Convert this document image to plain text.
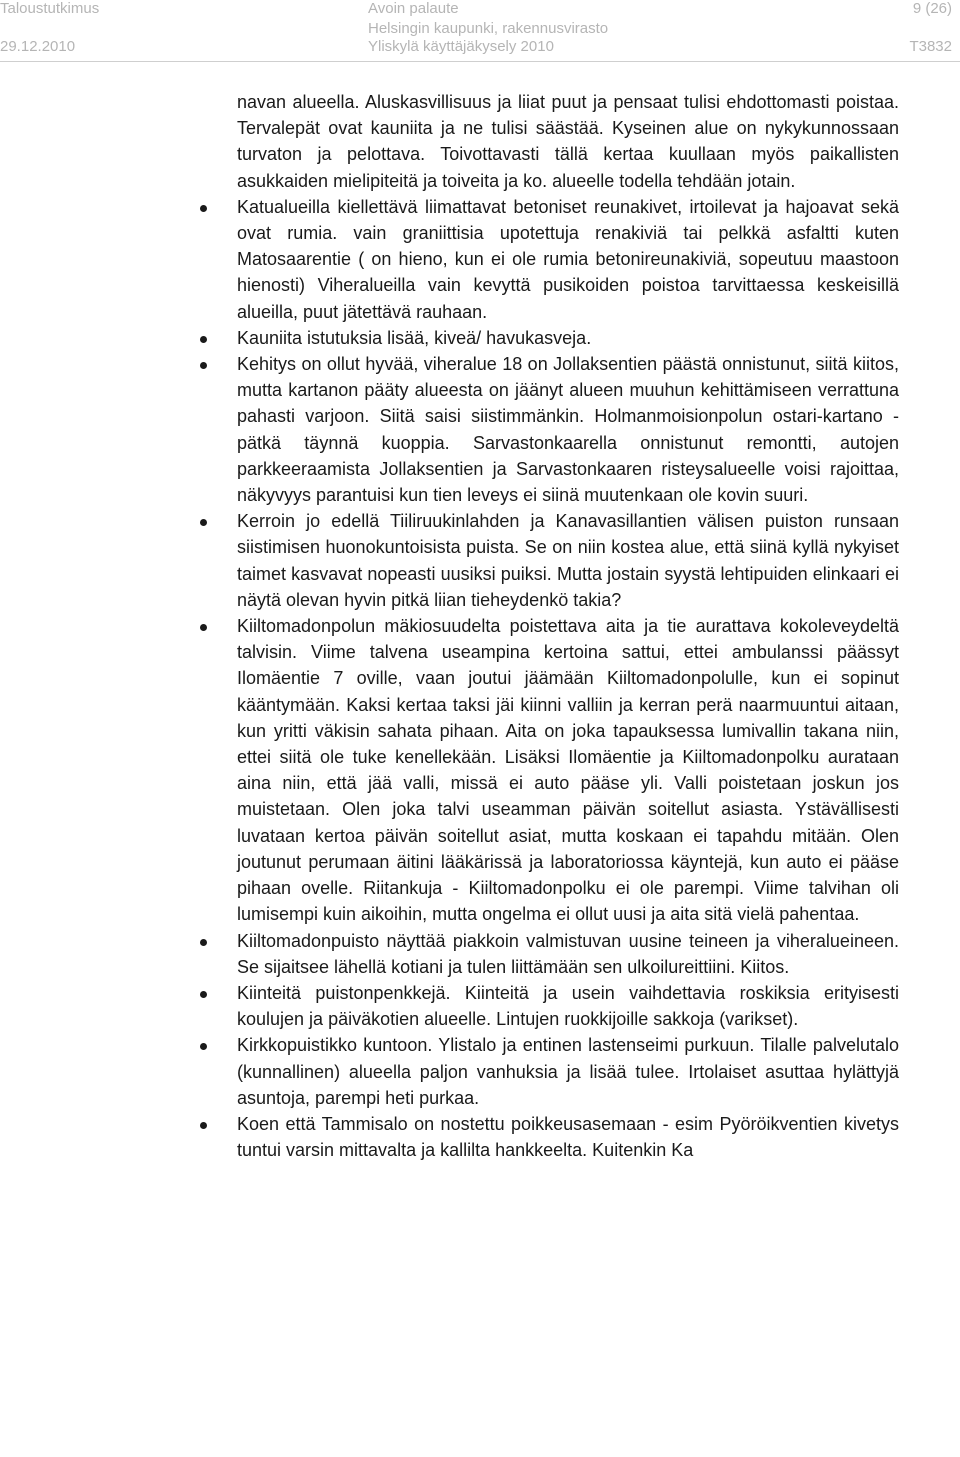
Taloustutkimus	Avoin palaute	9 (26)
Helsingin kaupunki, rakennusvirasto
29.12.2010	Yliskylä käyttäjäkysely 2010	T3832

navan alueella. Aluskasvillisuus ja liiat puut ja pensaat tulisi ehdottomasti poistaa. Tervalepät ovat kauniita ja ne tulisi säästää. Kyseinen alue on nykykunnossaan turvaton ja pelottava. Toivottavasti tällä kertaa kuullaan myös paikallisten asukkaiden mielipiteitä ja toiveita ja ko. alueelle todella tehdään jotain.

Katualueilla kiellettävä liimattavat betoniset reunakivet, irtoilevat ja hajoavat sekä ovat rumia. vain graniittisia upotettuja renakiviä tai pelkkä asfaltti kuten Matosaarentie ( on hieno, kun ei ole rumia betonireunakiviä, sopeutuu maastoon hienosti) Viheralueilla vain kevyttä pusikoiden poistoa tarvittaessa keskeisillä alueilla, puut jätettävä rauhaan.
Kauniita istutuksia lisää, kiveä/ havukasveja.
Kehitys on ollut hyvää, viheralue 18 on Jollaksentien päästä onnistunut, siitä kiitos, mutta kartanon pääty alueesta on jäänyt alueen muuhun kehittämiseen verrattuna pahasti varjoon. Siitä saisi siistimmänkin. Holmanmoisionpolun ostari-kartano -pätkä täynnä kuoppia. Sarvastonkaarella onnistunut remontti, autojen parkkeeraamista Jollaksentien ja Sarvastonkaaren risteysalueelle voisi rajoittaa, näkyvyys parantuisi kun tien leveys ei siinä muutenkaan ole kovin suuri.
Kerroin jo edellä Tiiliruukinlahden ja Kanavasillantien välisen puiston runsaan siistimisen huonokuntoisista puista. Se on niin kostea alue, että siinä kyllä nykyiset taimet kasvavat nopeasti uusiksi puiksi. Mutta jostain syystä lehtipuiden elinkaari ei näytä olevan hyvin pitkä liian tieheydenkö takia?
Kiiltomadonpolun mäkiosuudelta poistettava aita ja tie aurattava kokoleveydeltä talvisin. Viime talvena useampina kertoina sattui, ettei ambulanssi päässyt Ilomäentie 7 oville, vaan joutui jäämään Kiiltomadonpolulle, kun ei sopinut kääntymään. Kaksi kertaa taksi jäi kiinni valliin ja kerran perä naarmuuntui aitaan, kun yritti väkisin sahata pihaan. Aita on joka tapauksessa lumivallin takana niin, ettei siitä ole tuke kenellekään. Lisäksi Ilomäentie ja Kiiltomadonpolku aurataan aina niin, että jää valli, missä ei auto pääse yli. Valli poistetaan joskun jos muistetaan. Olen joka talvi useamman päivän soitellut asiasta. Ystävällisesti luvataan kertoa päivän soitellut asiat, mutta koskaan ei tapahdu mitään. Olen joutunut perumaan äitini lääkärissä ja laboratoriossa käyntejä, kun auto ei pääse pihaan ovelle. Riitankuja - Kiiltomadonpolku ei ole parempi. Viime talvihan oli lumisempi kuin aikoihin, mutta ongelma ei ollut uusi ja aita sitä vielä pahentaa.
Kiiltomadonpuisto näyttää piakkoin valmistuvan uusine teineen ja viheralueineen. Se sijaitsee lähellä kotiani ja tulen liittämään sen ulkoilureittiini. Kiitos.
Kiinteitä puistonpenkkejä. Kiinteitä ja usein vaihdettavia roskiksia erityisesti koulujen ja päiväkotien alueelle. Lintujen ruokkijoille sakkoja (varikset).
Kirkkopuistikko kuntoon. Ylistalo ja entinen lastenseimi purkuun. Tilalle palvelutalo (kunnallinen) alueella paljon vanhuksia ja lisää tulee. Irtolaiset asuttaa hylättyjä asuntoja, parempi heti purkaa.
Koen että Tammisalo on nostettu poikkeusasemaan - esim Pyöröikventien kivetys tuntui varsin mittavalta ja kallilta hankkeelta. Kuitenkin Ka
